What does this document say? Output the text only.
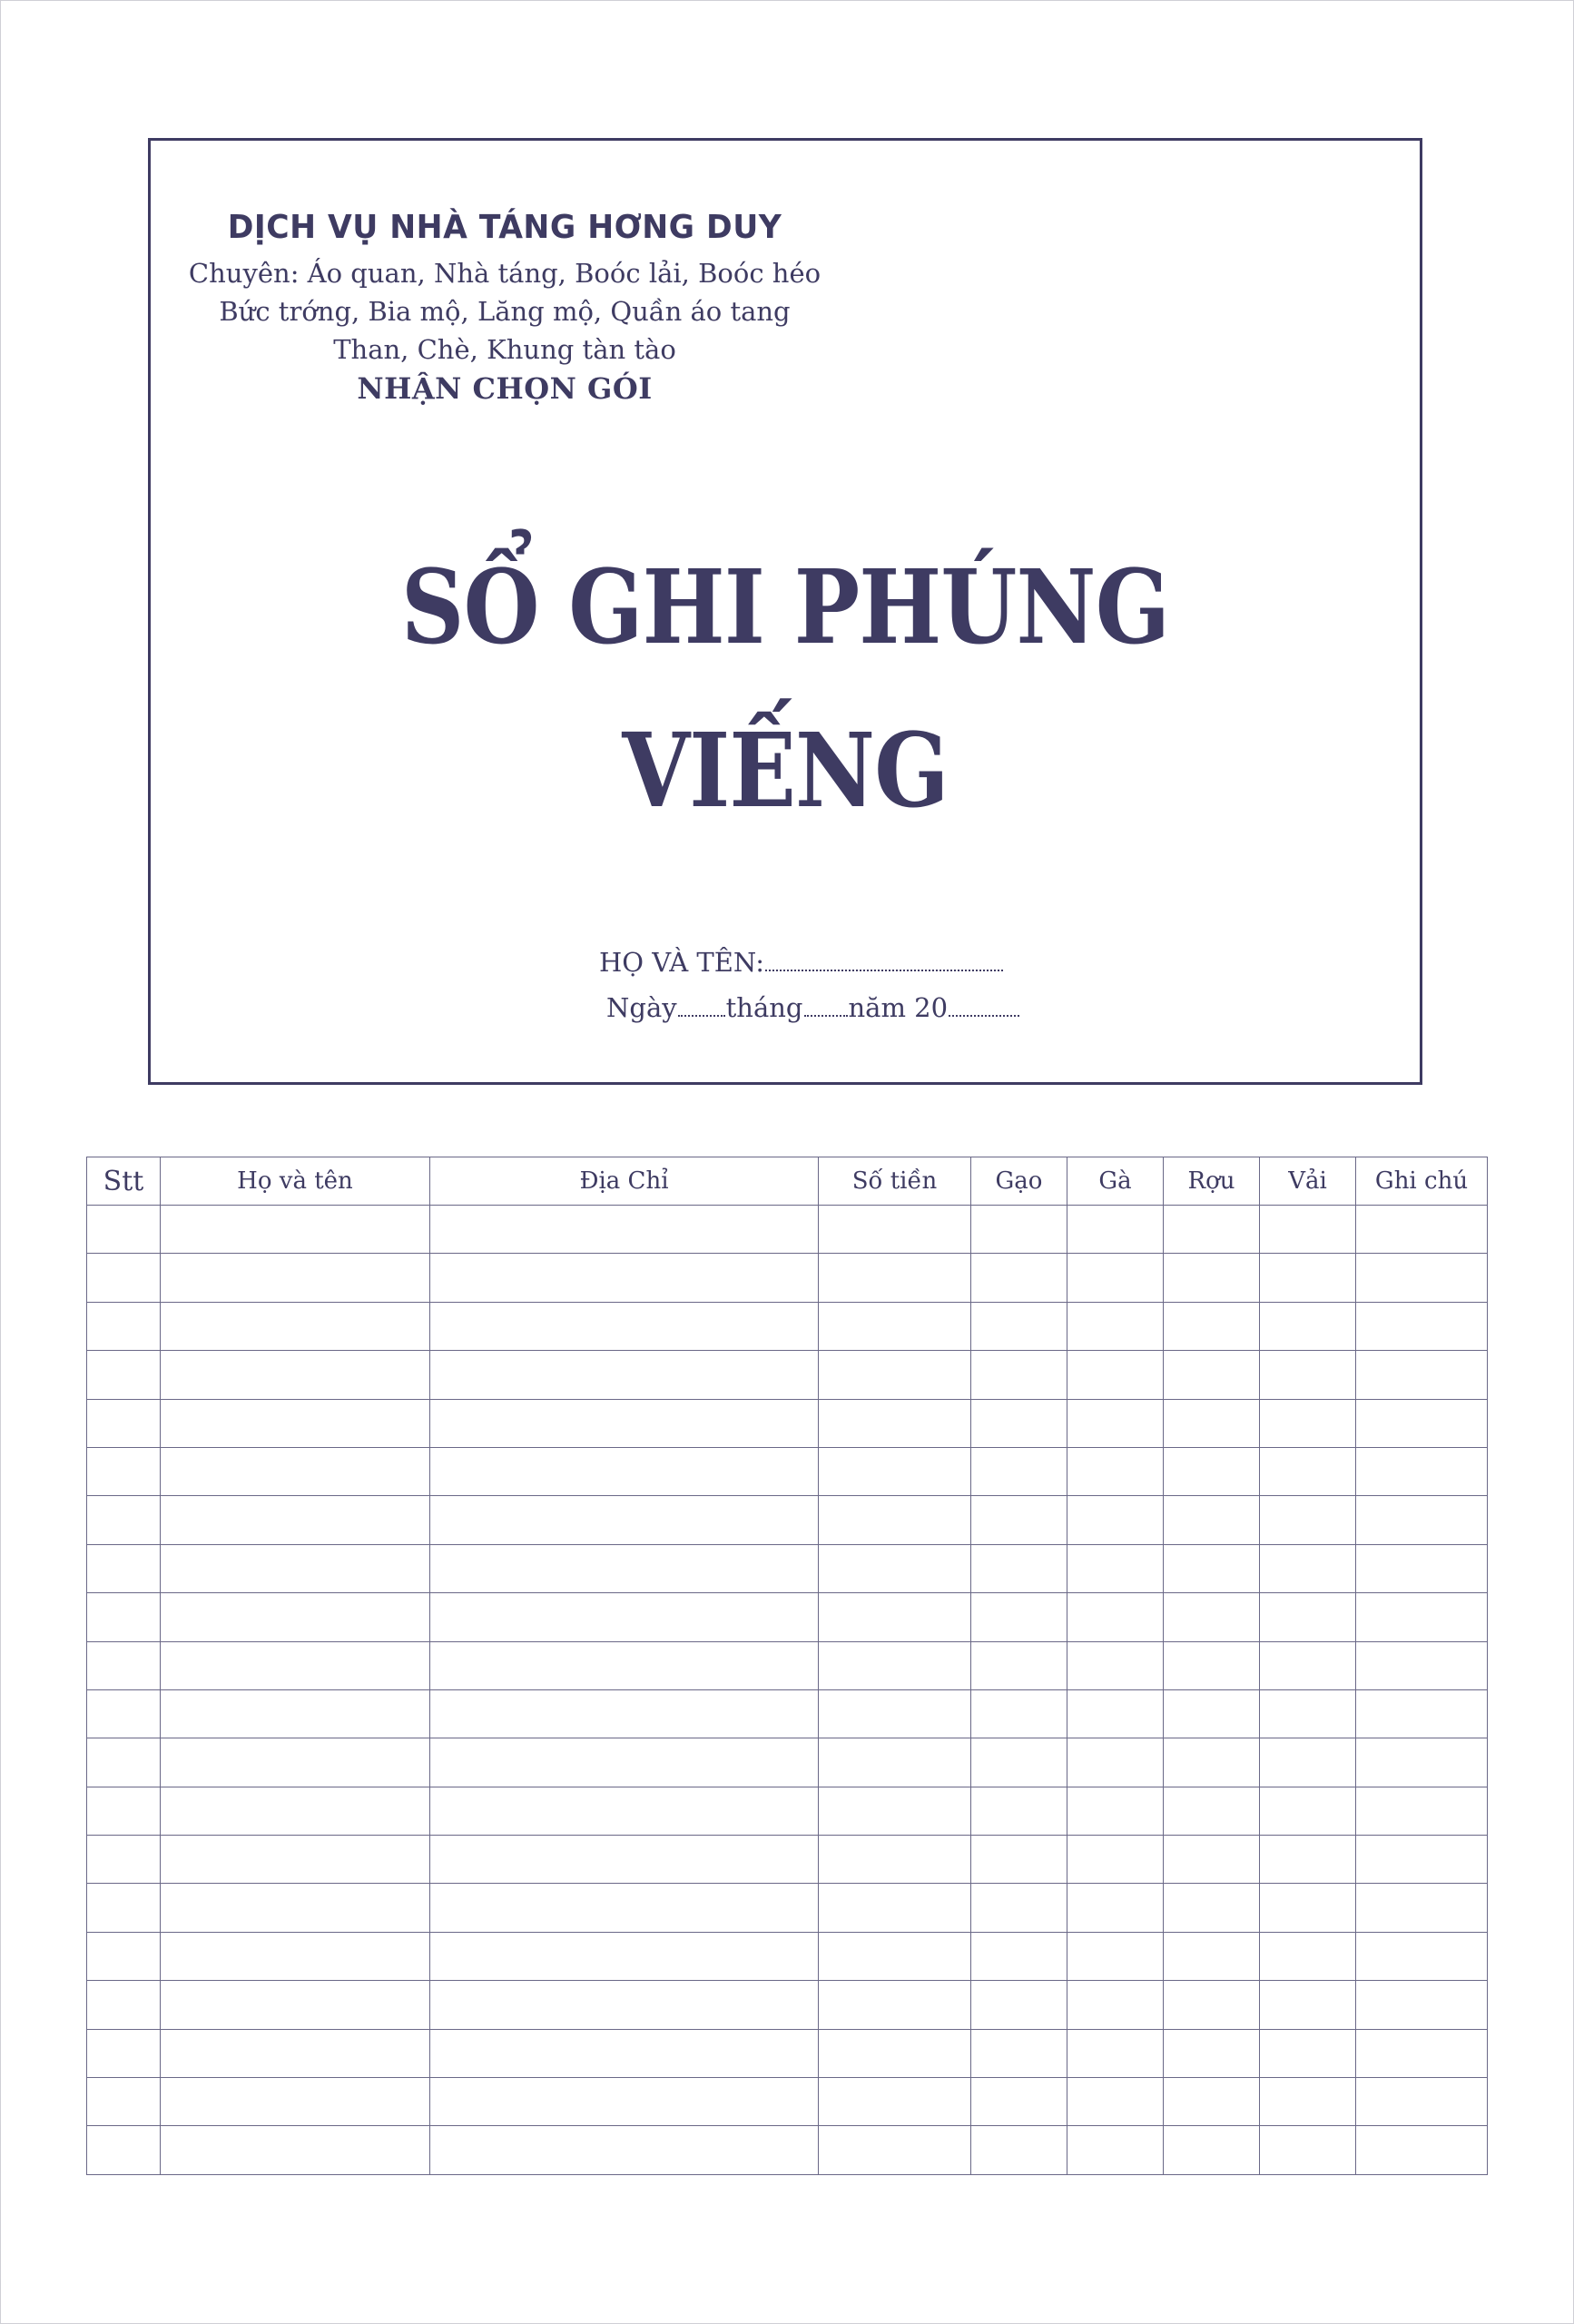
DỊCH VỤ NHÀ TÁNG HƠNG DUY
Chuyên: Áo quan, Nhà táng, Boóc lải, Boóc héo
Bức trớng, Bia mộ, Lăng mộ, Quần áo tang
Than, Chè, Khung tàn tào
NHẬN CHỌN GÓI
SỔ GHI PHÚNG VIẾNG
HỌ VÀ TÊN:
Ngày tháng năm 20
Stt	Họ và tên	Địa Chỉ	Số tiền	Gạo	Gà	Rợu	Vải	Ghi chú
